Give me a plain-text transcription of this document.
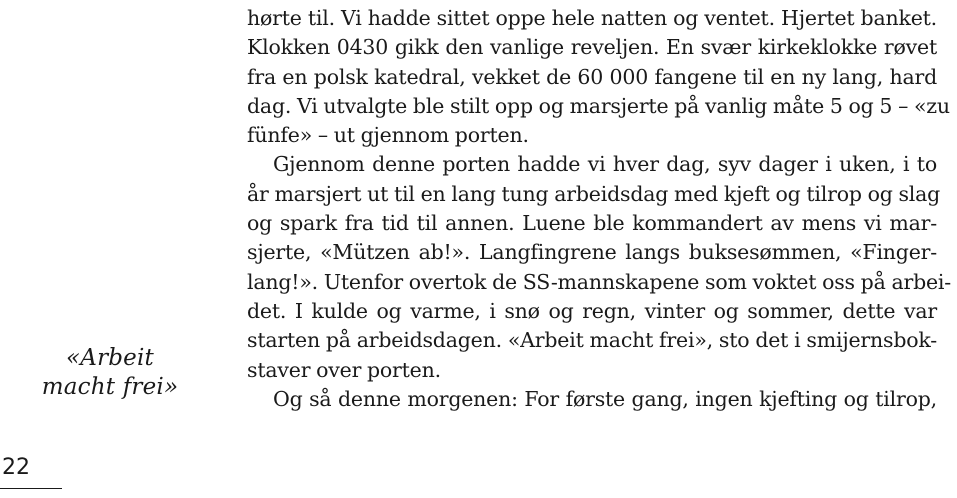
«Arbeit
macht frei»
hørte til. Vi hadde sittet oppe hele natten og ventet. Hjertet banket.
Klokken 0430 gikk den vanlige reveljen. En svær kirkeklokke røvet
fra en polsk katedral, vekket de 60 000 fangene til en ny lang, hard
dag. Vi utvalgte ble stilt opp og marsjerte på vanlig måte 5 og 5 – «zu
fünfe» – ut gjennom porten.
Gjennom denne porten hadde vi hver dag, syv dager i uken, i to
år marsjert ut til en lang tung arbeidsdag med kjeft og tilrop og slag
og spark fra tid til annen. Luene ble kommandert av mens vi mar-
sjerte, «Mützen ab!». Langfingrene langs buksesømmen, «Finger-
lang!». Utenfor overtok de SS-mannskapene som voktet oss på arbei-
det. I kulde og varme, i snø og regn, vinter og sommer, dette var
starten på arbeidsdagen. «Arbeit macht frei», sto det i smijernsbok-
staver over porten.
Og så denne morgenen: For første gang, ingen kjefting og tilrop,
22
